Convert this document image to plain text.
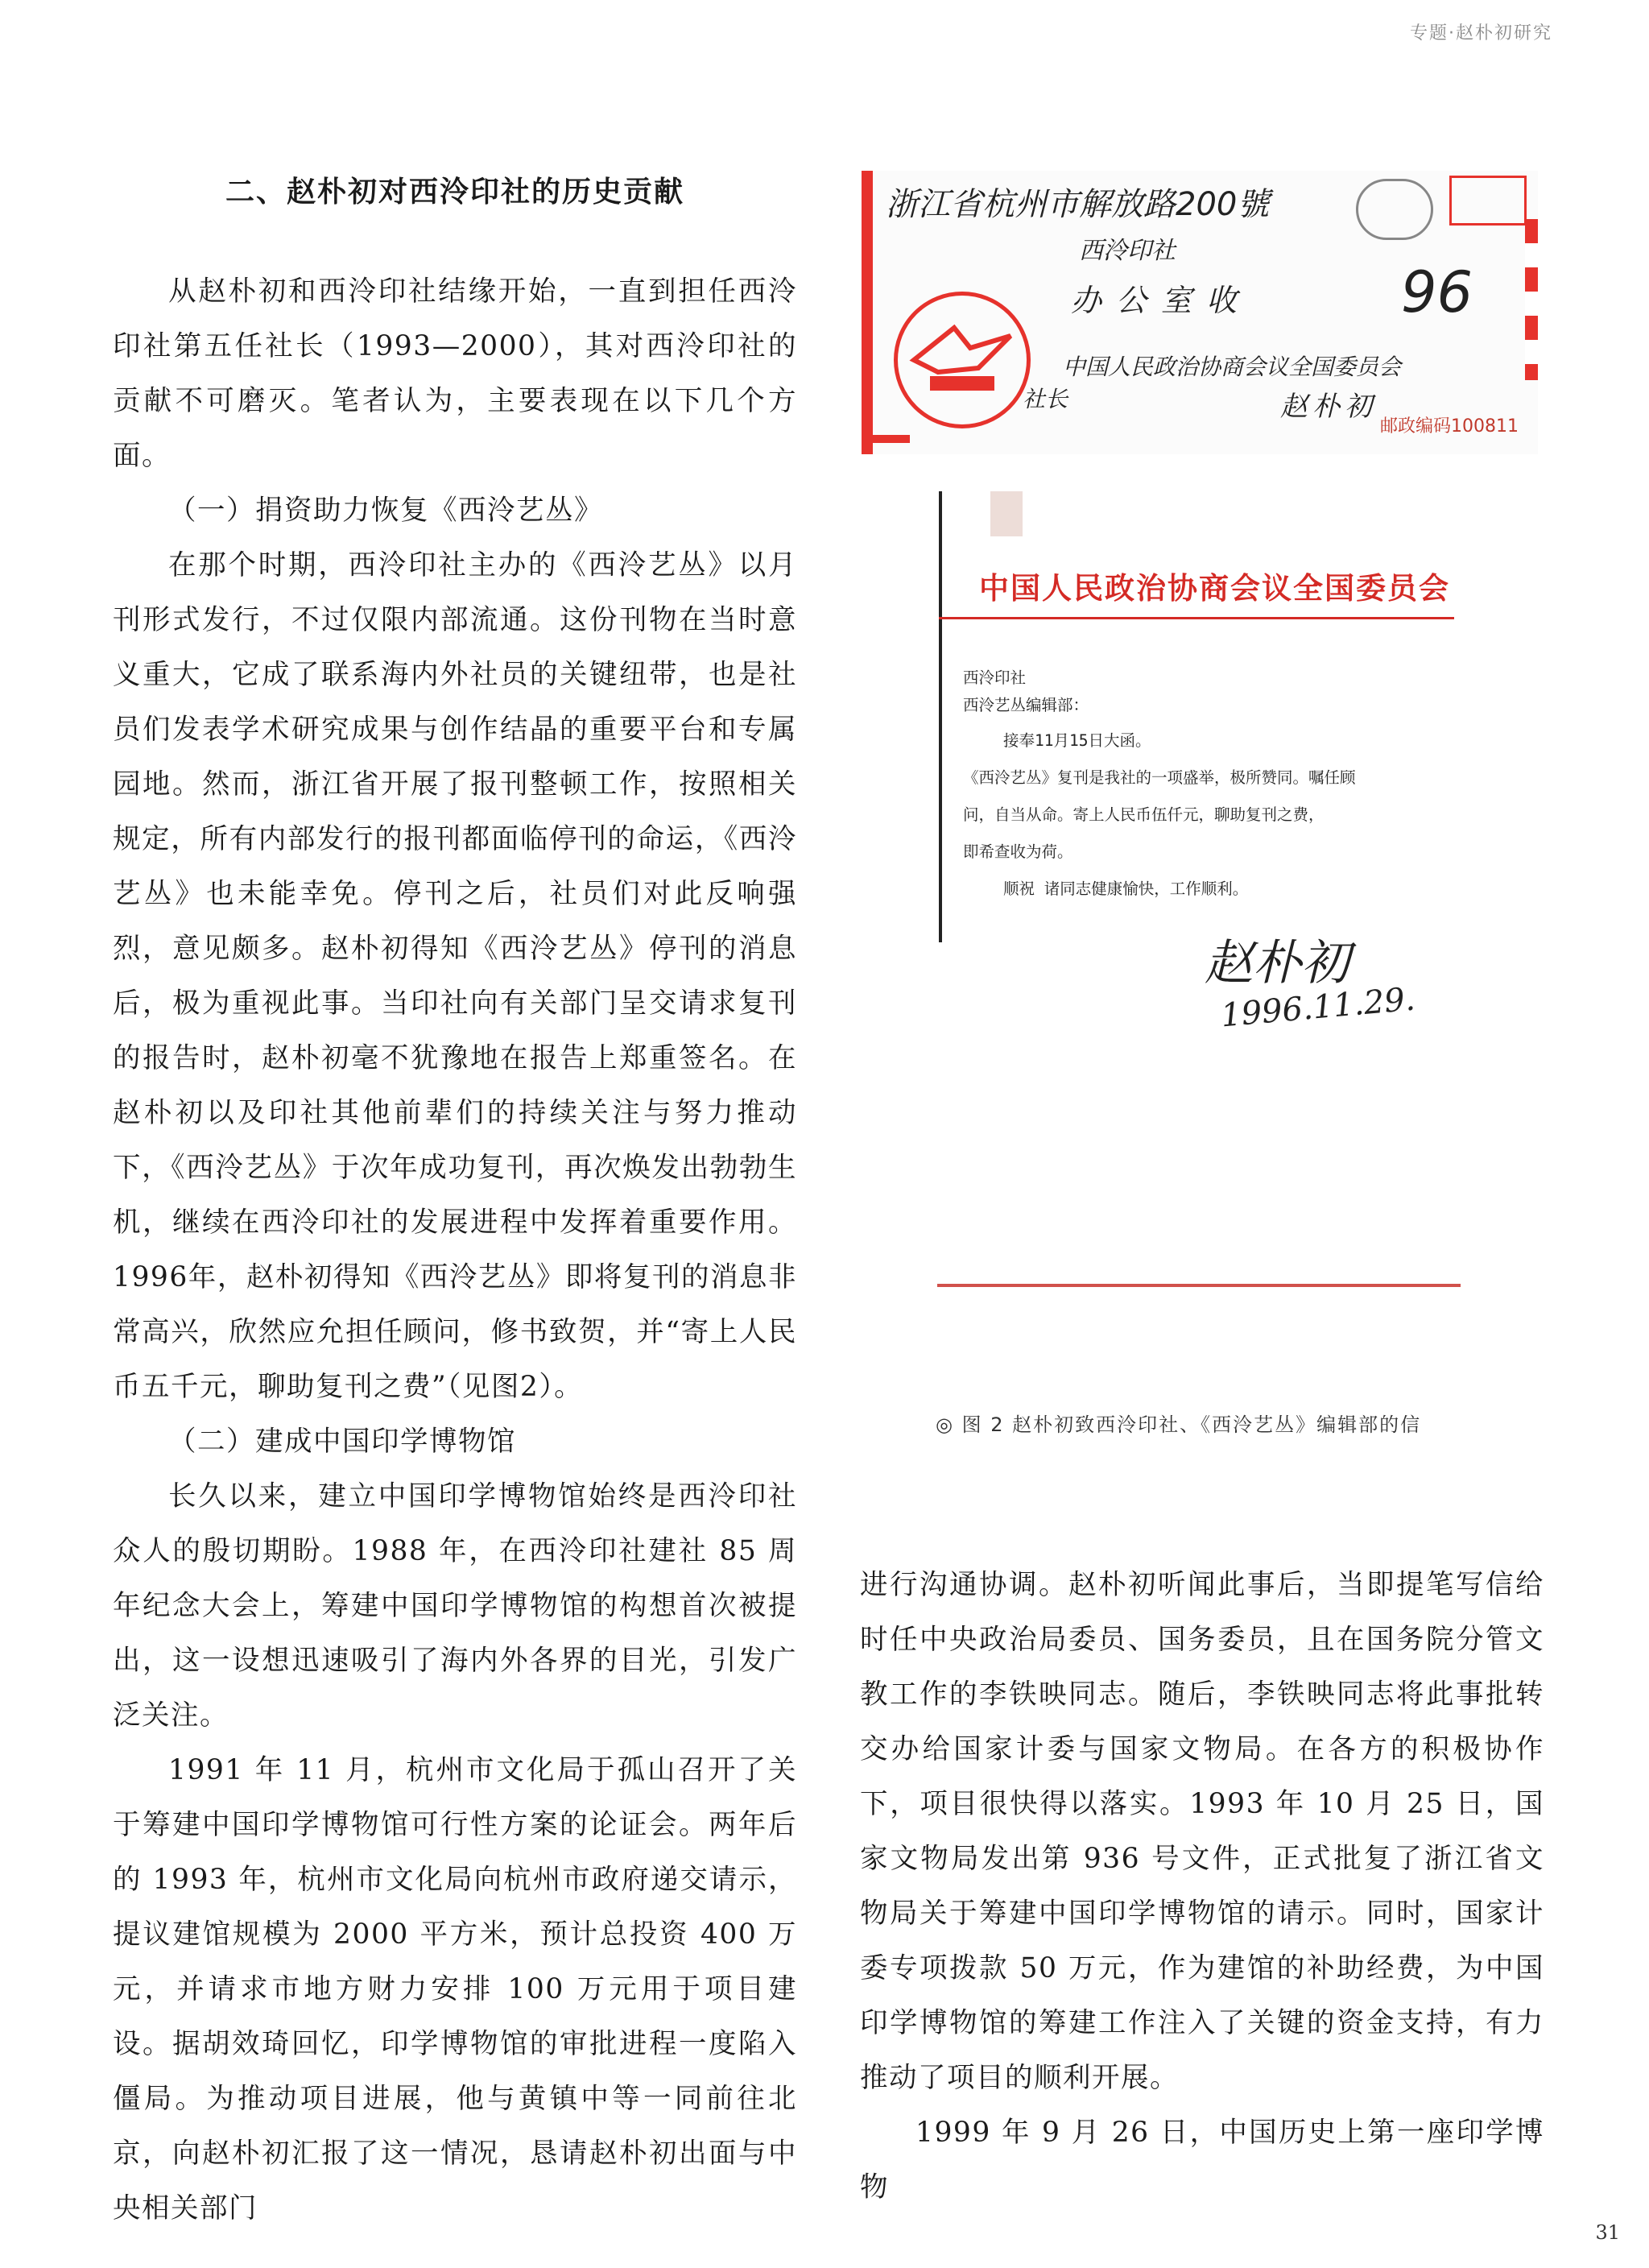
专题·赵朴初研究
二、赵朴初对西泠印社的历史贡献

从赵朴初和西泠印社结缘开始，一直到担任西泠印社第五任社长（1993—2000），其对西泠印社的贡献不可磨灭。笔者认为，主要表现在以下几个方面。

（一）捐资助力恢复《西泠艺丛》

在那个时期，西泠印社主办的《西泠艺丛》以月刊形式发行，不过仅限内部流通。这份刊物在当时意义重大，它成了联系海内外社员的关键纽带，也是社员们发表学术研究成果与创作结晶的重要平台和专属园地。然而，浙江省开展了报刊整顿工作，按照相关规定，所有内部发行的报刊都面临停刊的命运，《西泠艺丛》也未能幸免。停刊之后，社员们对此反响强烈，意见颇多。赵朴初得知《西泠艺丛》停刊的消息后，极为重视此事。当印社向有关部门呈交请求复刊的报告时，赵朴初毫不犹豫地在报告上郑重签名。在赵朴初以及印社其他前辈们的持续关注与努力推动下，《西泠艺丛》于次年成功复刊，再次焕发出勃勃生机，继续在西泠印社的发展进程中发挥着重要作用。1996年，赵朴初得知《西泠艺丛》即将复刊的消息非常高兴，欣然应允担任顾问，修书致贺，并“寄上人民币五千元，聊助复刊之费”（见图2）。

（二）建成中国印学博物馆

长久以来，建立中国印学博物馆始终是西泠印社众人的殷切期盼。1988 年，在西泠印社建社 85 周年纪念大会上，筹建中国印学博物馆的构想首次被提出，这一设想迅速吸引了海内外各界的目光，引发广泛关注。

1991 年 11 月，杭州市文化局于孤山召开了关于筹建中国印学博物馆可行性方案的论证会。两年后的 1993 年，杭州市文化局向杭州市政府递交请示，提议建馆规模为 2000 平方米，预计总投资 400 万元，并请求市地方财力安排 100 万元用于项目建设。据胡效琦回忆，印学博物馆的审批进程一度陷入僵局。为推动项目进展，他与黄镇中等一同前往北京，向赵朴初汇报了这一情况，恳请赵朴初出面与中央相关部门

进行沟通协调。赵朴初听闻此事后，当即提笔写信给时任中央政治局委员、国务委员，且在国务院分管文教工作的李铁映同志。随后，李铁映同志将此事批转交办给国家计委与国家文物局。在各方的积极协作下，项目很快得以落实。1993 年 10 月 25 日，国家文物局发出第 936 号文件，正式批复了浙江省文物局关于筹建中国印学博物馆的请示。同时，国家计委专项拨款 50 万元，作为建馆的补助经费，为中国印学博物馆的筹建工作注入了关键的资金支持，有力推动了项目的顺利开展。

1999 年 9 月 26 日，中国历史上第一座印学博物

浙江省杭州市解放路200號
西泠印社
办公室收	96
中国人民政治协商会议全国委员会
社长	赵朴初
邮政编码100811
中国人民政治协商会议全国委员会
西泠印社
西泠艺丛编辑部：
接奉11月15日大函。
《西泠艺丛》复刊是我社的一项盛举，极所赞同。嘱任顾
问，自当从命。寄上人民币伍仟元，聊助复刊之费，
即希查收为荷。
顺祝 诸同志健康愉快，工作顺利。
赵朴初
1996.11.29.
◎ 图 2 赵朴初致西泠印社、《西泠艺丛》编辑部的信
31
